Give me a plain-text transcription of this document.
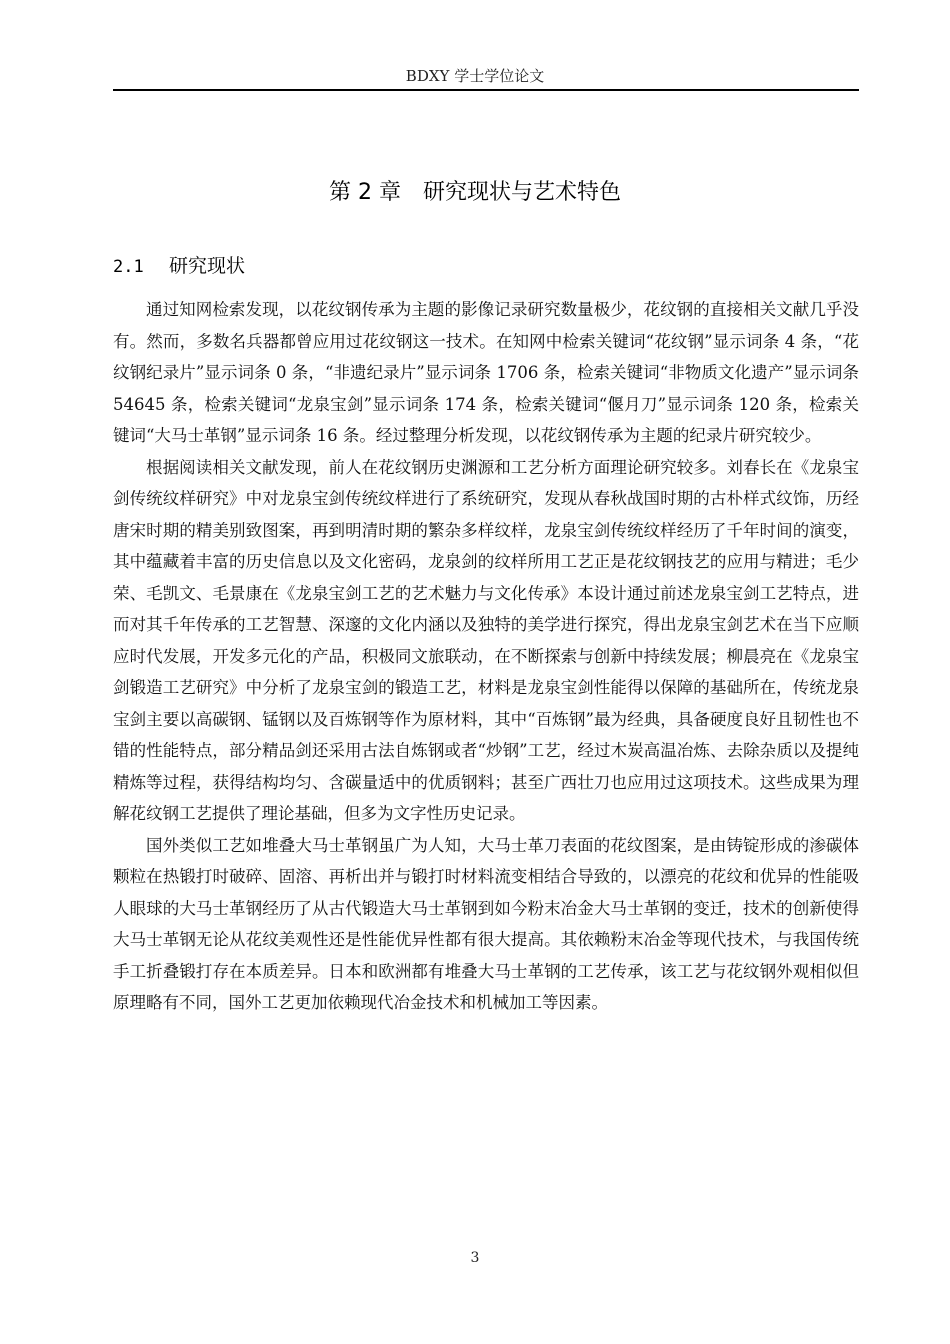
BDXY 学士学位论文
第 2 章 研究现状与艺术特色
2.1 研究现状

通过知网检索发现，以花纹钢传承为主题的影像记录研究数量极少，花纹钢的直接相关文献几乎没有。然而，多数名兵器都曾应用过花纹钢这一技术。在知网中检索关键词“花纹钢”显示词条 4 条，“花纹钢纪录片”显示词条 0 条，“非遗纪录片”显示词条 1706 条，检索关键词“非物质文化遗产”显示词条 54645 条，检索关键词“龙泉宝剑”显示词条 174 条，检索关键词“偃月刀”显示词条 120 条，检索关键词“大马士革钢”显示词条 16 条。经过整理分析发现，以花纹钢传承为主题的纪录片研究较少。

根据阅读相关文献发现，前人在花纹钢历史渊源和工艺分析方面理论研究较多。刘春长在《龙泉宝剑传统纹样研究》中对龙泉宝剑传统纹样进行了系统研究，发现从春秋战国时期的古朴样式纹饰，历经唐宋时期的精美别致图案，再到明清时期的繁杂多样纹样，龙泉宝剑传统纹样经历了千年时间的演变，其中蕴藏着丰富的历史信息以及文化密码，龙泉剑的纹样所用工艺正是花纹钢技艺的应用与精进；毛少荣、毛凯文、毛景康在《龙泉宝剑工艺的艺术魅力与文化传承》本设计通过前述龙泉宝剑工艺特点，进而对其千年传承的工艺智慧、深邃的文化内涵以及独特的美学进行探究，得出龙泉宝剑艺术在当下应顺应时代发展，开发多元化的产品，积极同文旅联动，在不断探索与创新中持续发展；柳晨亮在《龙泉宝剑锻造工艺研究》中分析了龙泉宝剑的锻造工艺，材料是龙泉宝剑性能得以保障的基础所在，传统龙泉宝剑主要以高碳钢、锰钢以及百炼钢等作为原材料，其中“百炼钢”最为经典，具备硬度良好且韧性也不错的性能特点，部分精品剑还采用古法自炼钢或者“炒钢”工艺，经过木炭高温冶炼、去除杂质以及提纯精炼等过程，获得结构均匀、含碳量适中的优质钢料；甚至广西壮刀也应用过这项技术。这些成果为理解花纹钢工艺提供了理论基础，但多为文字性历史记录。

国外类似工艺如堆叠大马士革钢虽广为人知，大马士革刀表面的花纹图案，是由铸锭形成的渗碳体颗粒在热锻打时破碎、固溶、再析出并与锻打时材料流变相结合导致的，以漂亮的花纹和优异的性能吸人眼球的大马士革钢经历了从古代锻造大马士革钢到如今粉末冶金大马士革钢的变迁，技术的创新使得大马士革钢无论从花纹美观性还是性能优异性都有很大提高。其依赖粉末冶金等现代技术，与我国传统手工折叠锻打存在本质差异。日本和欧洲都有堆叠大马士革钢的工艺传承，该工艺与花纹钢外观相似但原理略有不同，国外工艺更加依赖现代冶金技术和机械加工等因素。

3
